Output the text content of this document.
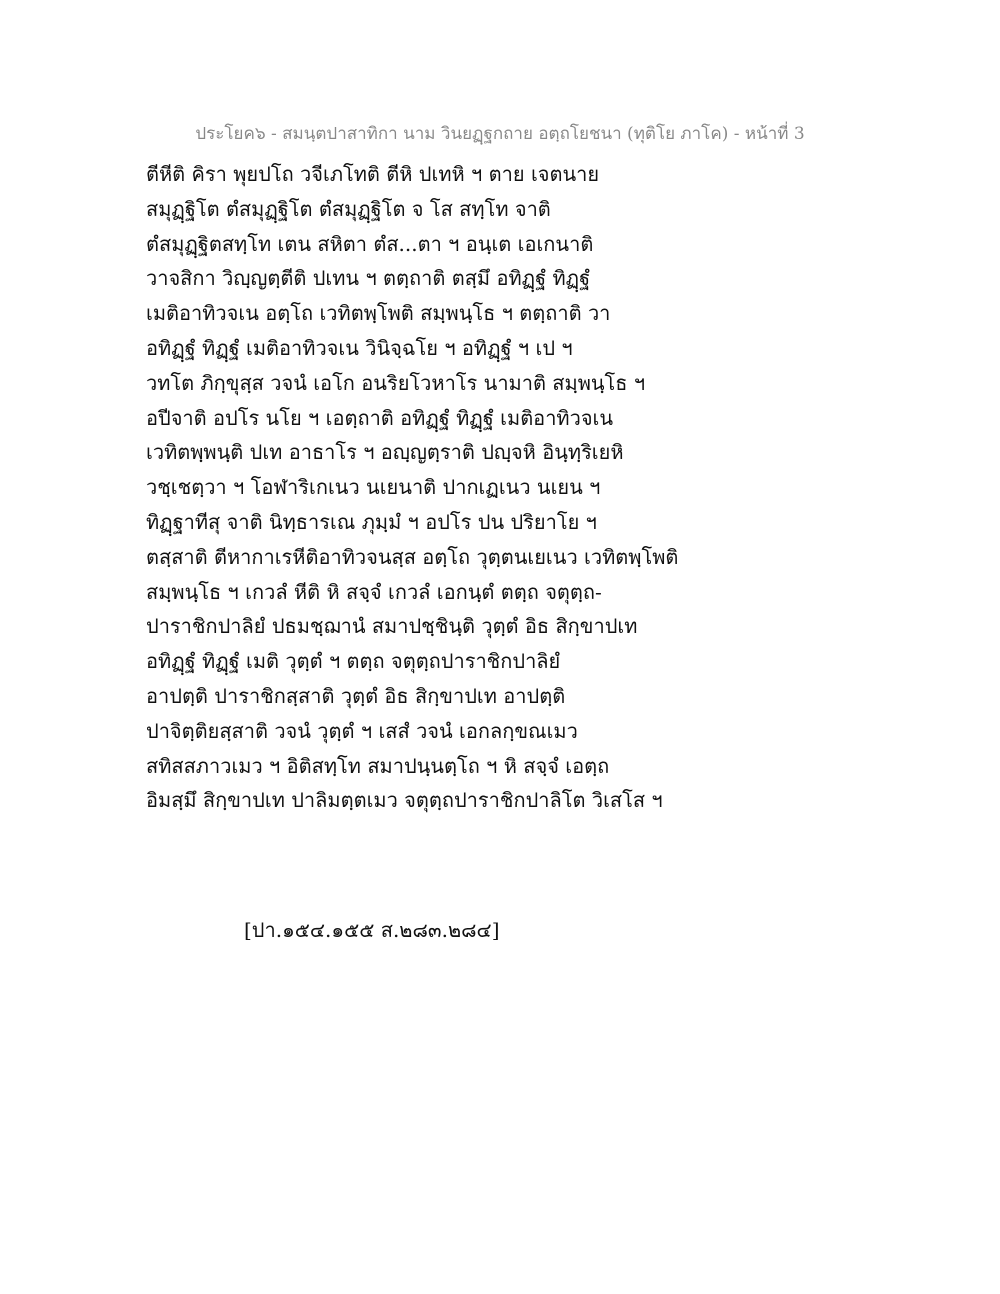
ประโยค๖ - สมนฺตปาสาทิกา นาม วินยฏฺฐกถาย อตฺถโยชนา (ทุติโย ภาโค) - หน้าที่ 3
ตีหีติ คิรา พุยปโถ วจีเภโทติ ตีหิ ปเทหิ ฯ ตาย เจตนาย
สมุฏฺฐิโต ตํสมุฏฺฐิโต ตํสมุฏฺฐิโต จ โส สทฺโท จาติ
ตํสมุฏฺฐิตสทฺโท เตน สหิตา ตํส...ตา ฯ อนฺเต เอเกนาติ
วาจสิกา วิญฺญตฺตีติ ปเทน ฯ ตตฺถาติ ตสฺมึ อทิฏฺฐํ ทิฏฺฐํ
เมติอาทิวจเน อตฺโถ เวทิตพฺโพติ สมฺพนฺโธ ฯ ตตฺถาติ วา
อทิฏฺฐํ ทิฏฺฐํ เมติอาทิวจเน วินิจฺฉโย ฯ อทิฏฺฐํ ฯ เป ฯ
วทโต ภิกฺขุสฺส วจนํ เอโก อนริยโวหาโร นามาติ สมฺพนฺโธ ฯ
อปีจาติ อปโร นโย ฯ เอตฺถาติ อทิฏฺฐํ ทิฏฺฐํ เมติอาทิวจเน
เวทิตพฺพนฺติ ปเท อาธาโร ฯ อญฺญตฺราติ ปญฺจหิ อินฺทฺริเยหิ
วชฺเชตฺวา ฯ โอฬาริเกเนว นเยนาติ ปากเฏเนว นเยน ฯ
ทิฏฺฐาทีสุ จาติ นิทฺธารเณ ภุมฺมํ ฯ อปโร ปน ปริยาโย ฯ
ตสฺสาติ ตีหากาเรหีติอาทิวจนสฺส อตฺโถ วุตฺตนเยเนว เวทิตพฺโพติ
สมฺพนฺโธ ฯ เกวลํ หีติ หิ สจฺจํ เกวลํ เอกนฺตํ ตตฺถ จตุตฺถ-
ปาราชิกปาลิยํ ปธมชฺฌานํ สมาปชฺชินฺติ วุตฺตํ อิธ สิกฺขาปเท
อทิฏฺฐํ ทิฏฺฐํ เมติ วุตฺตํ ฯ ตตฺถ จตุตฺถปาราชิกปาลิยํ
อาปตฺติ ปาราชิกสฺสาติ วุตฺตํ อิธ สิกฺขาปเท อาปตฺติ
ปาจิตฺติยสฺสาติ วจนํ วุตฺตํ ฯ เสสํ วจนํ เอกลกฺขณเมว
สทิสสภาวเมว ฯ อิติสทฺโท สมาปนฺนตฺโถ ฯ หิ สจฺจํ เอตฺถ
อิมสฺมึ สิกฺขาปเท ปาลิมตฺตเมว จตุตฺถปาราชิกปาลิโต วิเสโส ฯ
[ปา.๑๕๔.๑๕๕ ส.๒๘๓.๒๘๔]
